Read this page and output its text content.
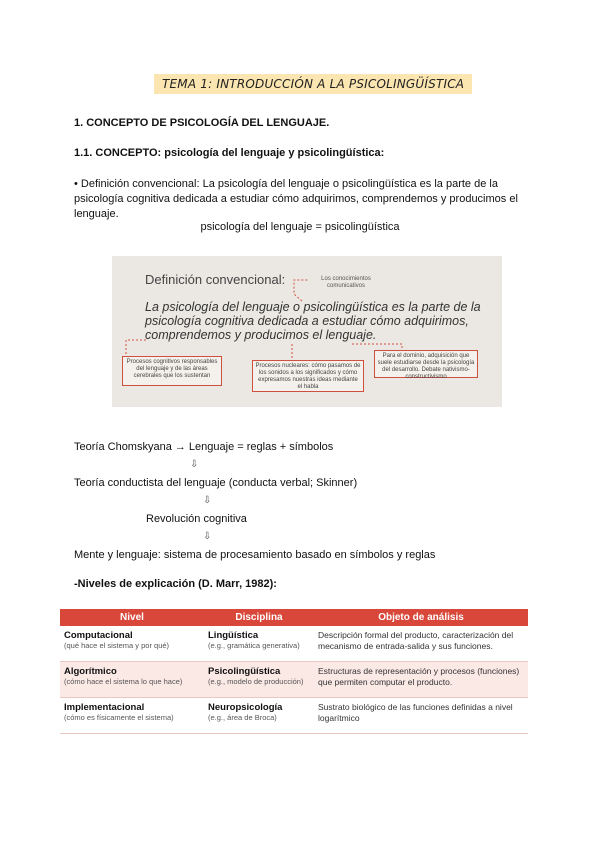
TEMA 1: INTRODUCCIÓN A LA PSICOLINGÜÍSTICA
1. CONCEPTO DE PSICOLOGÍA DEL LENGUAJE.
1.1. CONCEPTO: psicología del lenguaje y psicolingüística:
• Definición convencional: La psicología del lenguaje o psicolingüística es la parte de la psicología cognitiva dedicada a estudiar cómo adquirimos, comprendemos y producimos el lenguaje.
psicología del lenguaje = psicolingüística
Definición convencional:	Los conocimientos comunicativos
La psicología del lenguaje o psicolingüística es la parte de la psicología cognitiva dedicada a estudiar cómo adquirimos, comprendemos y producimos el lenguaje.
Procesos cognitivos responsables del lenguaje y de las áreas cerebrales que los sustentan
Procesos nucleares: cómo pasamos de los sonidos a los significados y cómo expresamos nuestras ideas mediante el habla
Para el dominio, adquisición que suele estudiarse desde la psicología del desarrollo. Debate nativismo-constructivismo
Teoría Chomskyana → Lenguaje = reglas + símbolos
⇩
Teoría conductista del lenguaje (conducta verbal; Skinner)
⇩
Revolución cognitiva
⇩
Mente y lenguaje: sistema de procesamiento basado en símbolos y reglas
-Niveles de explicación (D. Marr, 1982):
Nivel	Disciplina	Objeto de análisis

Computacional
(qué hace el sistema y por qué)	Lingüística
(e.g., gramática generativa)	Descripción formal del producto, caracterización del mecanismo de entrada-salida y sus funciones.

Algorítmico
(cómo hace el sistema lo que hace)	Psicolingüística
(e.g., modelo de producción)	Estructuras de representación y procesos (funciones) que permiten computar el producto.

Implementacional
(cómo es físicamente el sistema)	Neuropsicología
(e.g., área de Broca)	Sustrato biológico de las funciones definidas a nivel logarítmico
